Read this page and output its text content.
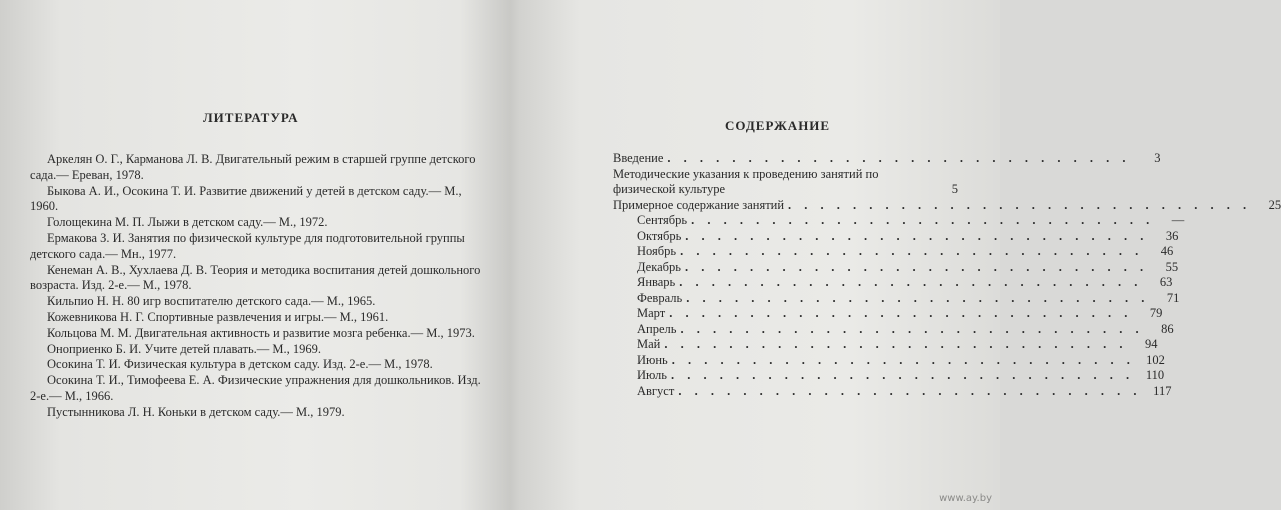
ЛИТЕРАТУРА

Аркелян О. Г., Карманова Л. В. Двигательный режим в старшей группе детского сада.— Ереван, 1978.

Быкова А. И., Осокина Т. И. Развитие движений у детей в детском саду.— М., 1960.

Голощекина М. П. Лыжи в детском саду.— М., 1972.

Ермакова З. И. Занятия по физической культуре для подготовительной группы детского сада.— Мн., 1977.

Кенеман А. В., Хухлаева Д. В. Теория и методика воспитания детей дошкольного возраста. Изд. 2-е.— М., 1978.

Кильпио Н. Н. 80 игр воспитателю детского сада.— М., 1965.

Кожевникова Н. Г. Спортивные развлечения и игры.— М., 1961.

Кольцова М. М. Двигательная активность и развитие мозга ребенка.— М., 1973.

Оноприенко Б. И. Учите детей плавать.— М., 1969.

Осокина Т. И. Физическая культура в детском саду. Изд. 2-е.— М., 1978.

Осокина Т. И., Тимофеева Е. А. Физические упражнения для дошкольников. Изд. 2-е.— М., 1966.

Пустынникова Л. Н. Коньки в детском саду.— М., 1979.

СОДЕРЖАНИЕ
Введение . . . . . . . . . . . . . . . . . . . . . . . . . . . . .	3
Методические указания к проведению занятий по физической культуре	5
Примерное содержание занятий . . . . . . . . . . . . . . . . . . . . . . . . . . . . .	25
Сентябрь . . . . . . . . . . . . . . . . . . . . . . . . . . . . .	—
Октябрь . . . . . . . . . . . . . . . . . . . . . . . . . . . . .	36
Ноябрь . . . . . . . . . . . . . . . . . . . . . . . . . . . . .	46
Декабрь . . . . . . . . . . . . . . . . . . . . . . . . . . . . .	55
Январь . . . . . . . . . . . . . . . . . . . . . . . . . . . . .	63
Февраль . . . . . . . . . . . . . . . . . . . . . . . . . . . . .	71
Март . . . . . . . . . . . . . . . . . . . . . . . . . . . . .	79
Апрель . . . . . . . . . . . . . . . . . . . . . . . . . . . . .	86
Май . . . . . . . . . . . . . . . . . . . . . . . . . . . . .	94
Июнь . . . . . . . . . . . . . . . . . . . . . . . . . . . . . 102
Июль . . . . . . . . . . . . . . . . . . . . . . . . . . . . . 110
Август . . . . . . . . . . . . . . . . . . . . . . . . . . . . . 117
www.ay.by
